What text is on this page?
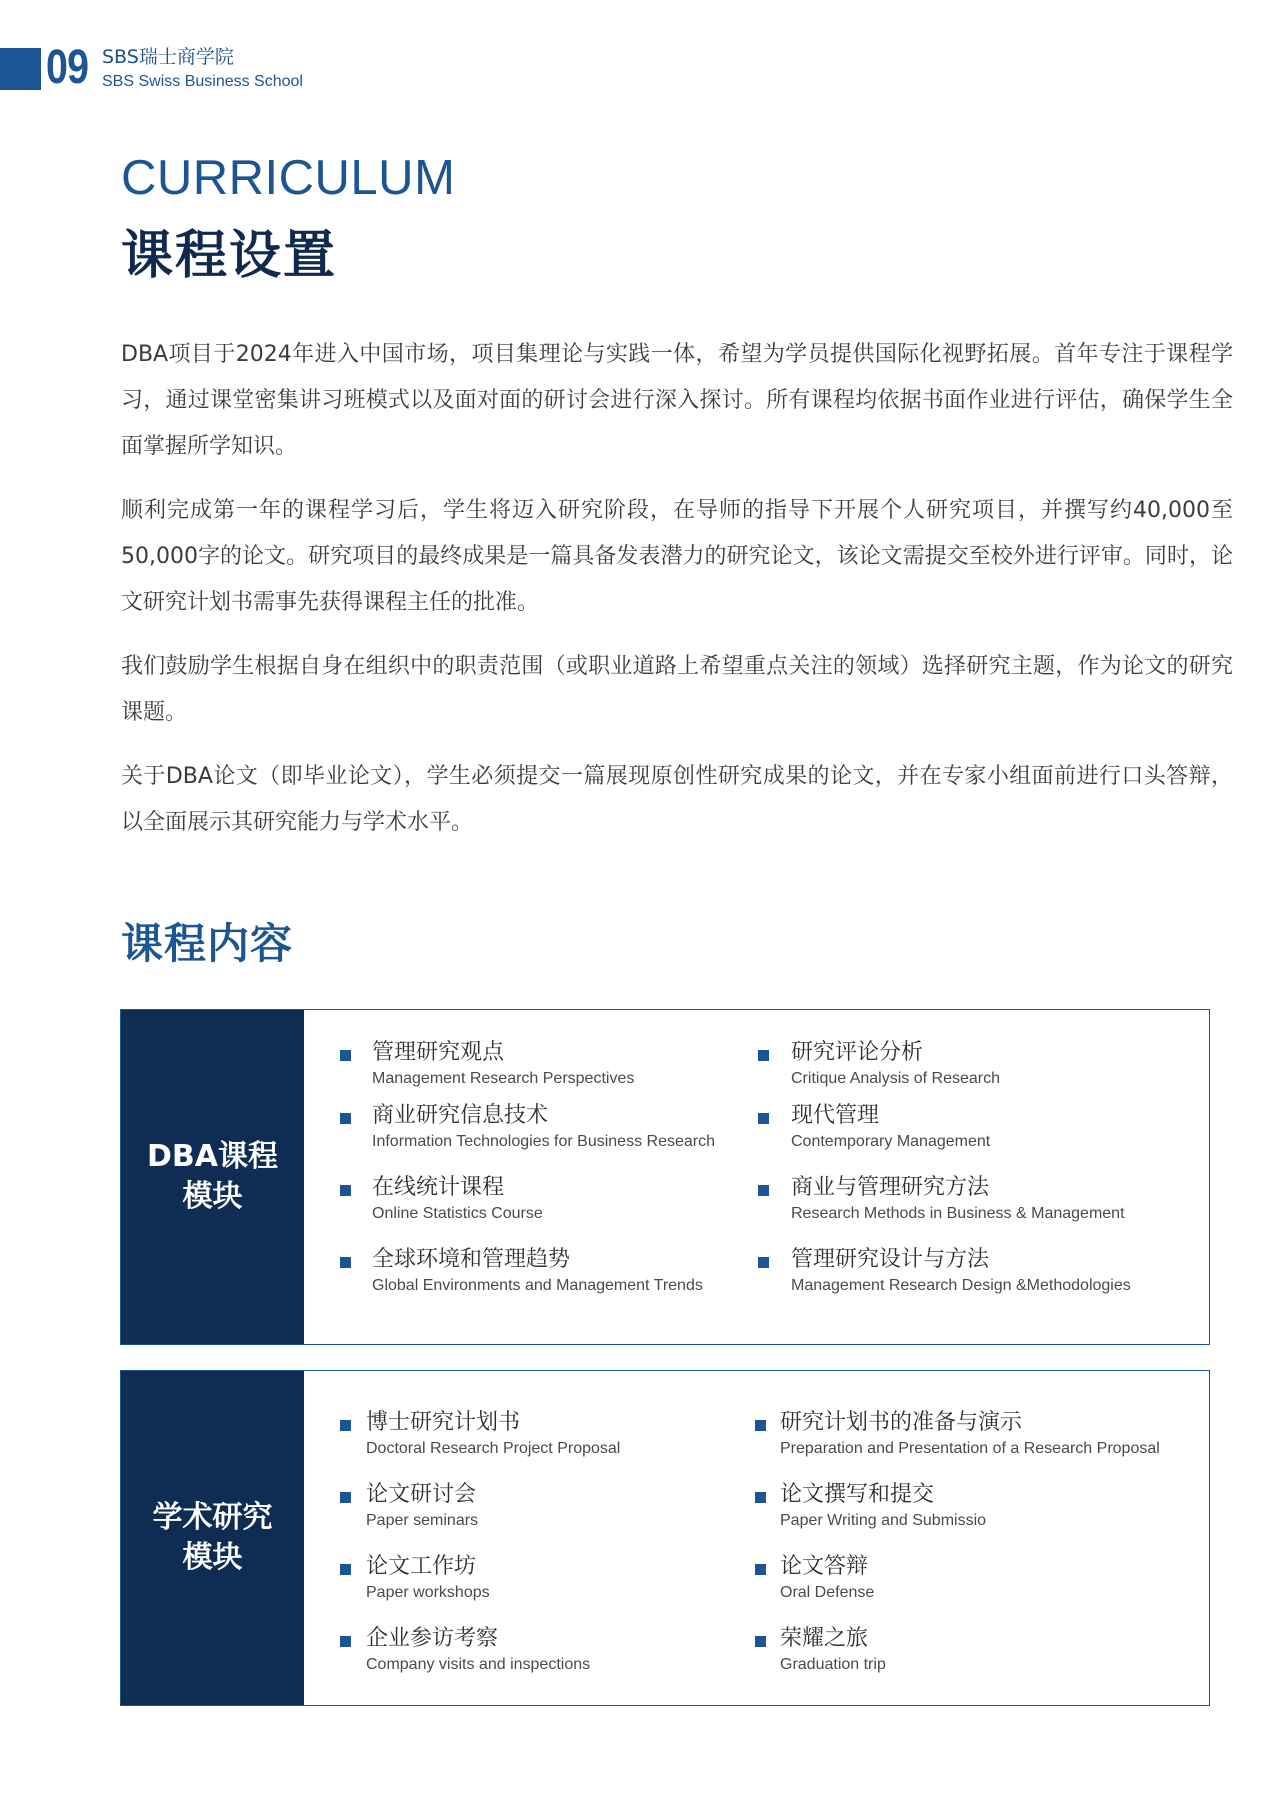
09 SBS瑞士商学院
SBS Swiss Business School
CURRICULUM
课程设置

DBA项目于2024年进入中国市场，项目集理论与实践一体，希望为学员提供国际化视野拓展。首年专注于课程学习，通过课堂密集讲习班模式以及面对面的研讨会进行深入探讨。所有课程均依据书面作业进行评估，确保学生全面掌握所学知识。

顺利完成第一年的课程学习后，学生将迈入研究阶段，在导师的指导下开展个人研究项目，并撰写约40,000至50,000字的论文。研究项目的最终成果是一篇具备发表潜力的研究论文，该论文需提交至校外进行评审。同时，论文研究计划书需事先获得课程主任的批准。

我们鼓励学生根据自身在组织中的职责范围（或职业道路上希望重点关注的领域）选择研究主题，作为论文的研究课题。

关于DBA论文（即毕业论文），学生必须提交一篇展现原创性研究成果的论文，并在专家小组面前进行口头答辩，以全面展示其研究能力与学术水平。

课程内容
DBA课程
模块
管理研究观点
Management Research Perspectives
商业研究信息技术
Information Technologies for Business Research
在线统计课程
Online Statistics Course
全球环境和管理趋势
Global Environments and Management Trends
研究评论分析
Critique Analysis of Research
现代管理
Contemporary Management
商业与管理研究方法
Research Methods in Business & Management
管理研究设计与方法
Management Research Design &Methodologies
学术研究
模块
博士研究计划书
Doctoral Research Project Proposal
论文研讨会
Paper seminars
论文工作坊
Paper workshops
企业参访考察
Company visits and inspections
研究计划书的准备与演示
Preparation and Presentation of a Research Proposal
论文撰写和提交
Paper Writing and Submissio
论文答辩
Oral Defense
荣耀之旅
Graduation trip
